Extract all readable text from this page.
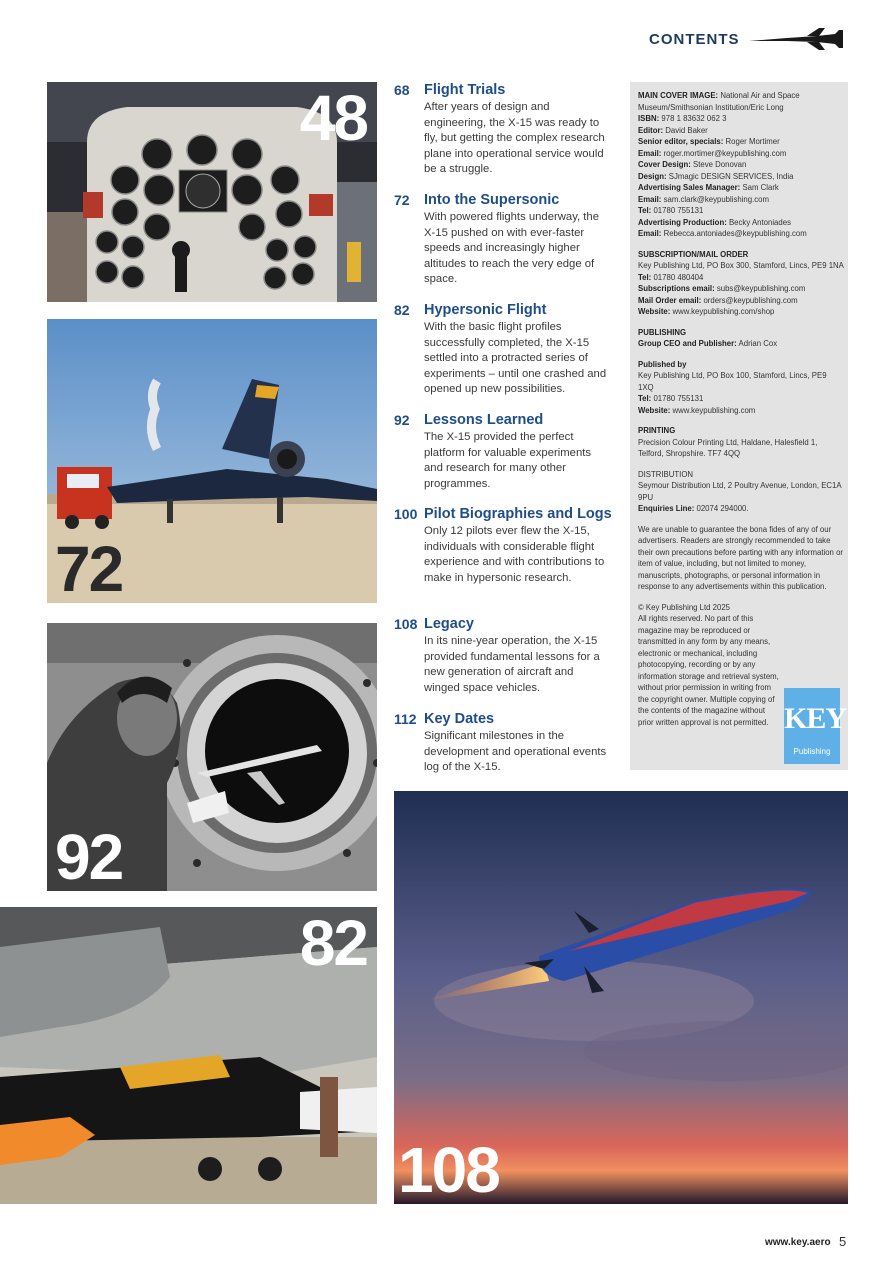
CONTENTS
48
72
92
82
108
68 Flight Trials
After years of design and engineering, the X-15 was ready to fly, but getting the complex research plane into operational service would be a struggle.
72 Into the Supersonic
With powered flights underway, the X-15 pushed on with ever-faster speeds and increasingly higher altitudes to reach the very edge of space.
82 Hypersonic Flight
With the basic flight profiles successfully completed, the X-15 settled into a protracted series of experiments – until one crashed and opened up new possibilities.
92 Lessons Learned
The X-15 provided the perfect platform for valuable experiments and research for many other programmes.
100 Pilot Biographies and Logs
Only 12 pilots ever flew the X-15, individuals with considerable flight experience and with contributions to make in hypersonic research.
108 Legacy
In its nine-year operation, the X-15 provided fundamental lessons for a new generation of aircraft and winged space vehicles.
112 Key Dates
Significant milestones in the development and operational events log of the X-15.
MAIN COVER IMAGE: National Air and Space Museum/Smithsonian Institution/Eric Long
ISBN: 978 1 83632 062 3
Editor: David Baker
Senior editor, specials: Roger Mortimer
Email: roger.mortimer@keypublishing.com
Cover Design: Steve Donovan
Design: SJmagic DESIGN SERVICES, India
Advertising Sales Manager: Sam Clark
Email: sam.clark@keypublishing.com
Tel: 01780 755131
Advertising Production: Becky Antoniades
Email: Rebecca.antoniades@keypublishing.com
SUBSCRIPTION/MAIL ORDER
Key Publishing Ltd, PO Box 300, Stamford, Lincs, PE9 1NA
Tel: 01780 480404
Subscriptions email: subs@keypublishing.com
Mail Order email: orders@keypublishing.com
Website: www.keypublishing.com/shop
PUBLISHING
Group CEO and Publisher: Adrian Cox
Published by
Key Publishing Ltd, PO Box 100, Stamford, Lincs, PE9 1XQ
Tel: 01780 755131
Website: www.keypublishing.com
PRINTING
Precision Colour Printing Ltd, Haldane, Halesfield 1, Telford, Shropshire. TF7 4QQ
DISTRIBUTION
Seymour Distribution Ltd, 2 Poultry Avenue, London, EC1A 9PU
Enquiries Line: 02074 294000.
We are unable to guarantee the bona fides of any of our advertisers. Readers are strongly recommended to take their own precautions before parting with any information or item of value, including, but not limited to money, manuscripts, photographs, or personal information in response to any advertisements within this publication.
© Key Publishing Ltd 2025
All rights reserved. No part of this magazine may be reproduced or transmitted in any form by any means, electronic or mechanical, including photocopying, recording or by any information storage and retrieval system, without prior permission in writing from the copyright owner. Multiple copying of the contents of the magazine without prior written approval is not permitted. KEY
Publishing
www.key.aero 5
